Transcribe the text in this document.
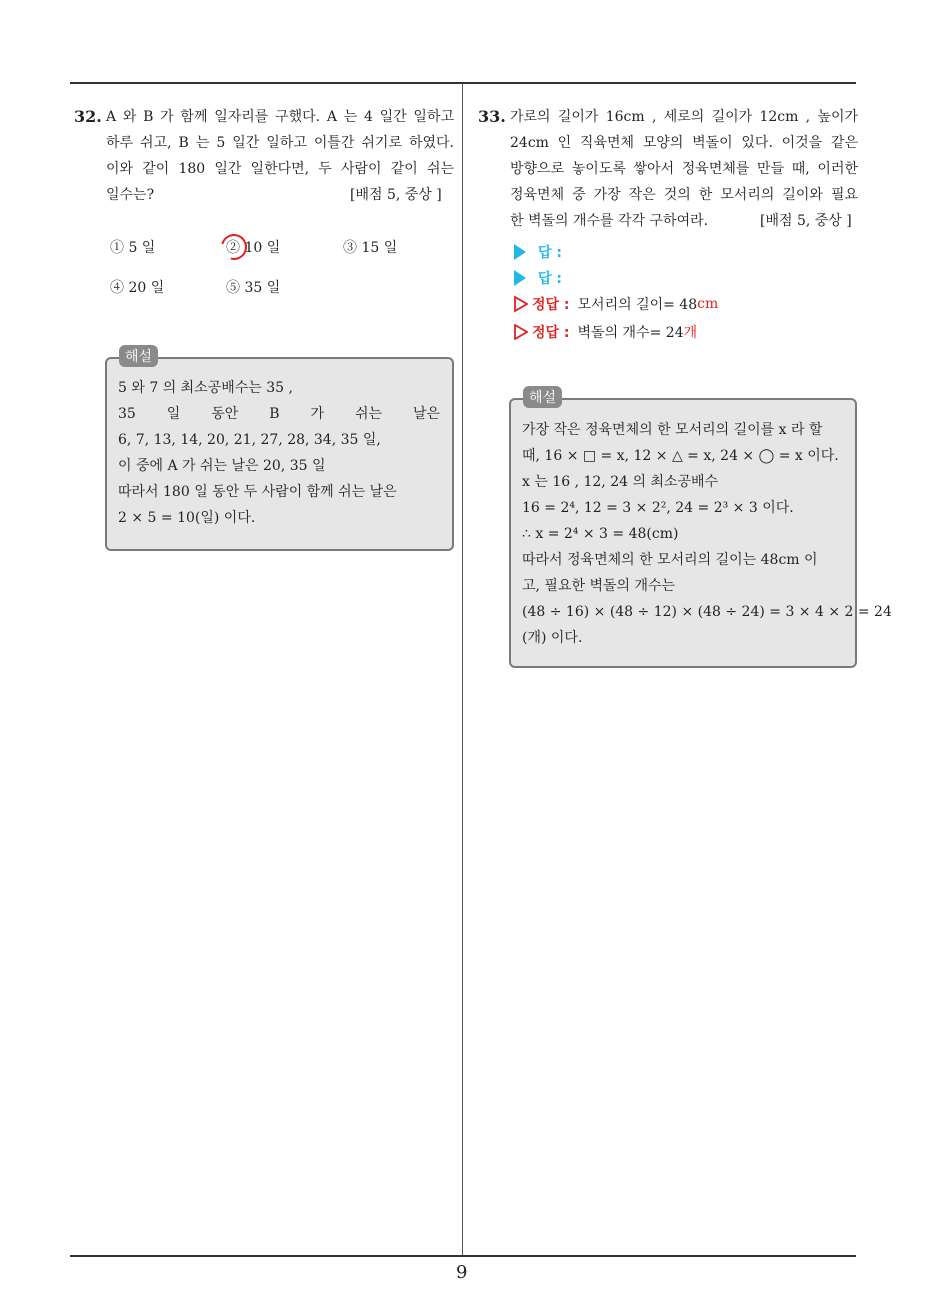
9
32. A 와 B 가 함께 일자리를 구했다. A 는 4 일간 일하고
하루 쉬고, B 는 5 일간 일하고 이틀간 쉬기로 하였다.
이와 같이 180 일간 일한다면, 두 사람이 같이 쉬는
일수는?	[배점 5, 중상 ]
① 5 일	② 10 일	③ 15 일
④ 20 일	⑤ 35 일
해설
5 와 7 의 최소공배수는 35 ,
35 일 동안 B 가 쉬는 날은
6, 7, 13, 14, 20, 21, 27, 28, 34, 35 일,
이 중에 A 가 쉬는 날은 20, 35 일
따라서 180 일 동안 두 사람이 함께 쉬는 날은
2 × 5 = 10(일) 이다.
33. 가로의 길이가 16cm , 세로의 길이가 12cm , 높이가
24cm 인 직육면체 모양의 벽돌이 있다. 이것을 같은
방향으로 놓이도록 쌓아서 정육면체를 만들 때, 이러한
정육면체 중 가장 작은 것의 한 모서리의 길이와 필요
한 벽돌의 개수를 각각 구하여라.	[배점 5, 중상 ]
답 :
답 :
정답 : 모서리의 길이= 48 cm
정답 : 벽돌의 개수= 24 개
해설
가장 작은 정육면체의 한 모서리의 길이를 x 라 할
때, 16 × □ = x, 12 × △ = x, 24 × ◯ = x 이다.
x 는 16 , 12, 24 의 최소공배수
16 = 2⁴, 12 = 3 × 2², 24 = 2³ × 3 이다.
∴ x = 2⁴ × 3 = 48(cm)
따라서 정육면체의 한 모서리의 길이는 48cm 이
고, 필요한 벽돌의 개수는
(48 ÷ 16) × (48 ÷ 12) × (48 ÷ 24) = 3 × 4 × 2 = 24
(개) 이다.
